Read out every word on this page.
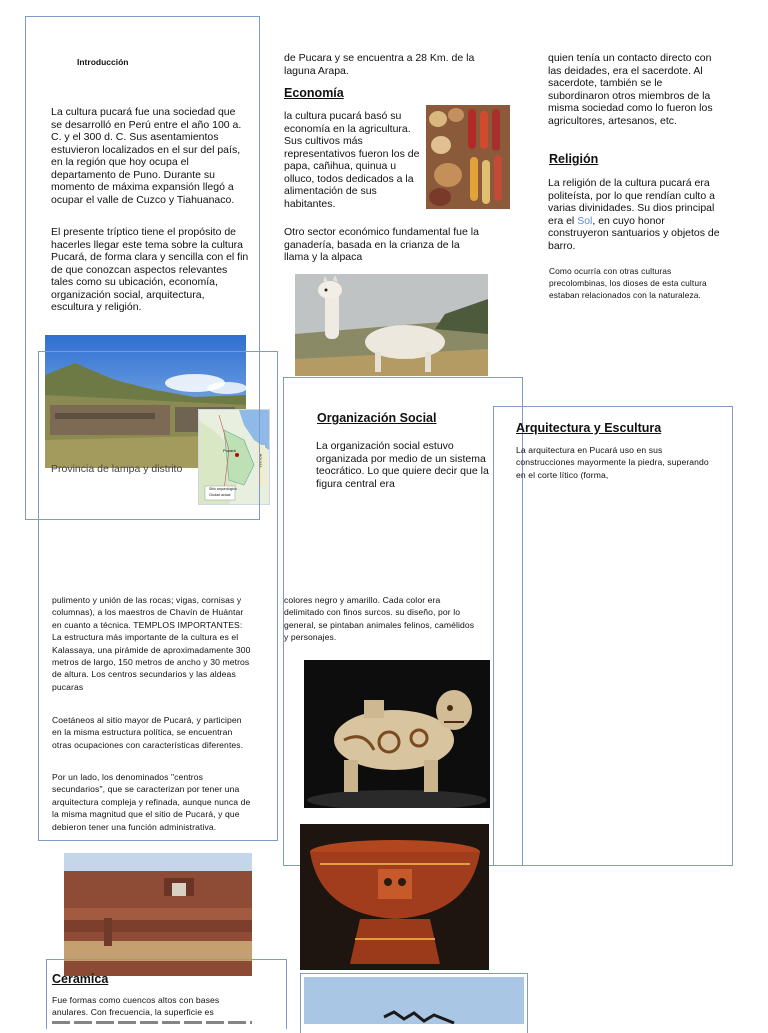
Introducción
La cultura pucará fue una sociedad que se desarrolló en Perú entre el año 100 a. C. y el 300 d. C. Sus asentamientos estuvieron localizados en el sur del país, en la región que hoy ocupa el departamento de Puno. Durante su momento de máxima expansión llegó a ocupar el valle de Cuzco y Tiahuanaco.
El presente tríptico tiene el propósito de hacerles llegar este tema sobre la cultura Pucará, de forma clara y sencilla con el fin de que conozcan aspectos relevantes tales como su ubicación, economía, organización social, arquitectura, escultura y religión.
Provincia de lampa y distrito
Pucará
BOLIVIA
Sitio arqueológico
Ciudad actual
de Pucara y se encuentra a 28 Km. de la laguna Arapa.
Economía
la cultura pucará basó su economía en la agricultura. Sus cultivos más representativos fueron los de papa, cañihua, quinua u olluco, todos dedicados a la alimentación de sus habitantes.
Otro sector económico fundamental fue la ganadería, basada en la crianza de la llama y la alpaca
quien tenía un contacto directo con las deidades, era el sacerdote. Al sacerdote, también se le subordinaron otros miembros de la misma sociedad como lo fueron los agricultores, artesanos, etc.
Religión
La religión de la cultura pucará era politeísta, por lo que rendían culto a varias divinidades. Su dios principal era el Sol, en cuyo honor construyeron santuarios y objetos de barro.
Como ocurría con otras culturas precolombinas, los dioses de esta cultura estaban relacionados con la naturaleza.
Organización Social
La organización social estuvo organizada por medio de un sistema teocrático. Lo que quiere decir que la figura central era
Arquitectura y Escultura
La arquitectura en Pucará uso en sus construcciones mayormente la piedra, superando en el corte lítico (forma,
pulimento y unión de las rocas; vigas, cornisas y columnas), a los maestros de Chavín de Huántar en cuanto a técnica. TEMPLOS IMPORTANTES: La estructura más importante de la cultura es el Kalassaya, una pirámide de aproximadamente 300 metros de largo, 150 metros de ancho y 30 metros de altura. Los centros secundarios y las aldeas pucaras
Coetáneos al sitio mayor de Pucará, y participen en la misma estructura política, se encuentran otras ocupaciones con características diferentes.
Por un lado, los denominados "centros secundarios", que se caracterizan por tener una arquitectura compleja y refinada, aunque nunca de la misma magnitud que el sitio de Pucará, y que debieron tener una función administrativa.
colores negro y amarillo. Cada color era delimitado con finos surcos. su diseño, por lo general, se pintaban animales felinos, camélidos y personajes.
Ceramica
Fue formas como cuencos altos con bases anulares. Con frecuencia, la superficie es
